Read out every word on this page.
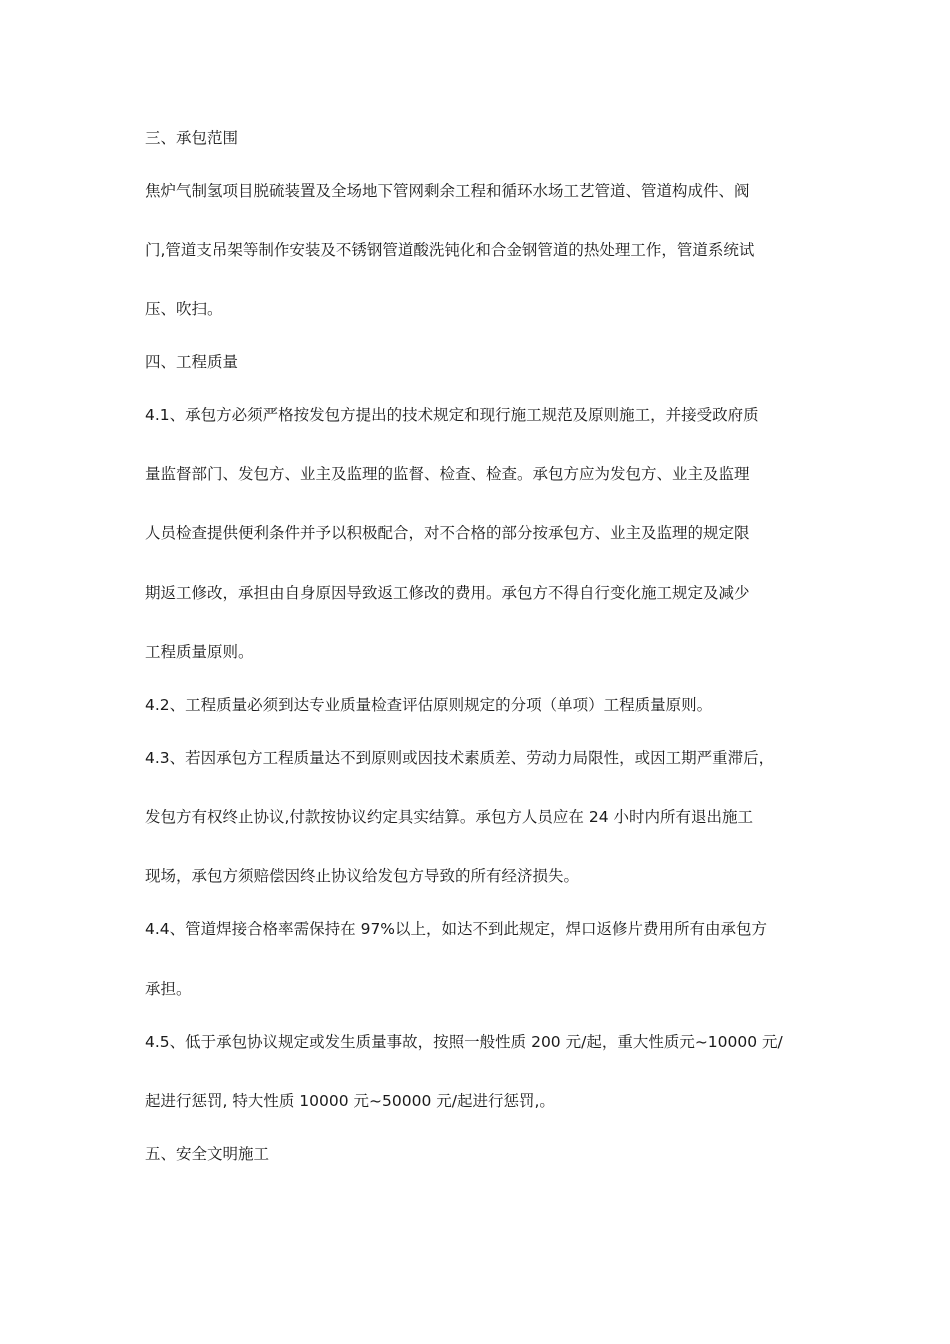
三、承包范围
焦炉气制氢项目脱硫装置及全场地下管网剩余工程和循环水场工艺管道、管道构成件、阀
门,管道支吊架等制作安装及不锈钢管道酸洗钝化和合金钢管道的热处理工作，管道系统试
压、吹扫。
四、工程质量
4.1、承包方必须严格按发包方提出的技术规定和现行施工规范及原则施工，并接受政府质
量监督部门、发包方、业主及监理的监督、检查、检查。承包方应为发包方、业主及监理
人员检查提供便利条件并予以积极配合，对不合格的部分按承包方、业主及监理的规定限
期返工修改，承担由自身原因导致返工修改的费用。承包方不得自行变化施工规定及减少
工程质量原则。
4.2、工程质量必须到达专业质量检查评估原则规定的分项（单项）工程质量原则。
4.3、若因承包方工程质量达不到原则或因技术素质差、劳动力局限性，或因工期严重滞后，
发包方有权终止协议,付款按协议约定具实结算。承包方人员应在 24 小时内所有退出施工
现场，承包方须赔偿因终止协议给发包方导致的所有经济损失。
4.4、管道焊接合格率需保持在 97%以上，如达不到此规定，焊口返修片费用所有由承包方
承担。
4.5、低于承包协议规定或发生质量事故，按照一般性质 200 元/起，重大性质元~10000 元/
起进行惩罚, 特大性质 10000 元~50000 元/起进行惩罚,。
五、安全文明施工
